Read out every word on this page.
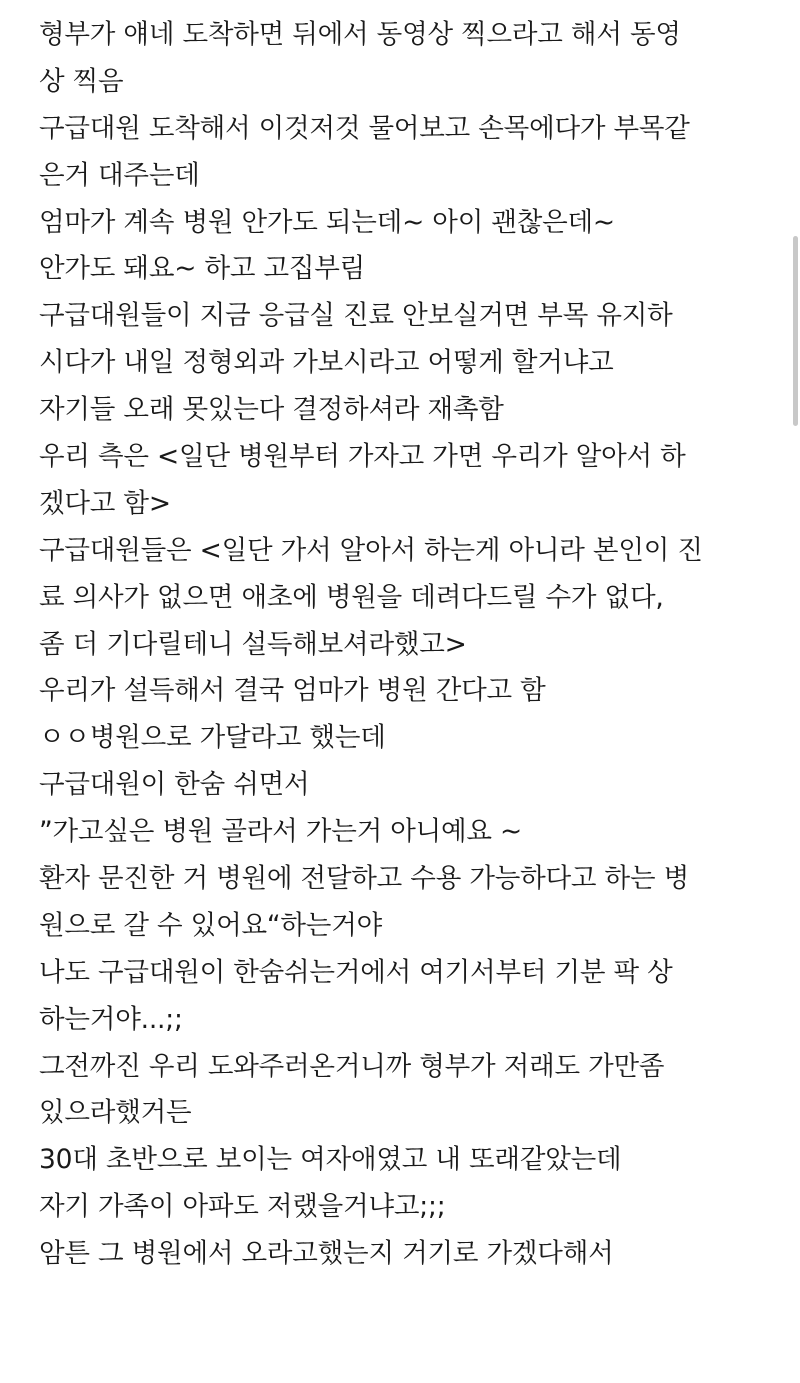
형부가 얘네 도착하면 뒤에서 동영상 찍으라고 해서 동영
상 찍음
구급대원 도착해서 이것저것 물어보고 손목에다가 부목같
은거 대주는데
엄마가 계속 병원 안가도 되는데~ 아이 괜찮은데~
안가도 돼요~ 하고 고집부림
구급대원들이 지금 응급실 진료 안보실거면 부목 유지하
시다가 내일 정형외과 가보시라고 어떻게 할거냐고
자기들 오래 못있는다 결정하셔라 재촉함
우리 측은 <일단 병원부터 가자고 가면 우리가 알아서 하
겠다고 함>
구급대원들은 <일단 가서 알아서 하는게 아니라 본인이 진
료 의사가 없으면 애초에 병원을 데려다드릴 수가 없다,
좀 더 기다릴테니 설득해보셔라했고>
우리가 설득해서 결국 엄마가 병원 간다고 함
ㅇㅇ병원으로 가달라고 했는데
구급대원이 한숨 쉬면서
”가고싶은 병원 골라서 가는거 아니예요 ~
환자 문진한 거 병원에 전달하고 수용 가능하다고 하는 병
원으로 갈 수 있어요“하는거야
나도 구급대원이 한숨쉬는거에서 여기서부터 기분 팍 상
하는거야...;;
그전까진 우리 도와주러온거니까 형부가 저래도 가만좀
있으라했거든
30대 초반으로 보이는 여자애였고 내 또래같았는데
자기 가족이 아파도 저랬을거냐고;;;
암튼 그 병원에서 오라고했는지 거기로 가겠다해서
